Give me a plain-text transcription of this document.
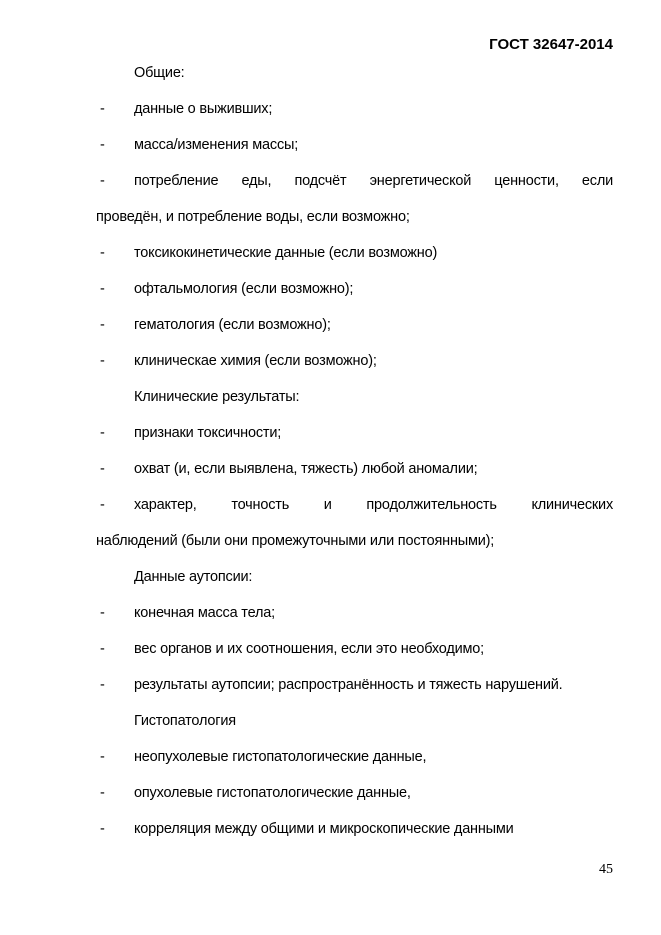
ГОСТ 32647-2014
Общие:
-	данные о выживших;
-	масса/изменения массы;
-	потребление еды, подсчёт энергетической ценности, если
проведён, и потребление воды, если возможно;
-	токсикокинетические данные (если возможно)
-	офтальмология (если возможно);
-	гематология (если возможно);
-	клиническае химия (если возможно);
Клинические результаты:
-	признаки токсичности;
-	охват (и, если выявлена, тяжесть) любой аномалии;
-	характер, точность и продолжительность клинических
наблюдений (были они промежуточными или постоянными);
Данные аутопсии:
-	конечная масса тела;
-	вес органов и их соотношения, если это необходимо;
-	результаты аутопсии; распространённость и тяжесть нарушений.
Гистопатология
-	неопухолевые гистопатологические данные,
-	опухолевые гистопатологические данные,
-	корреляция между общими и микроскопические данными
45
